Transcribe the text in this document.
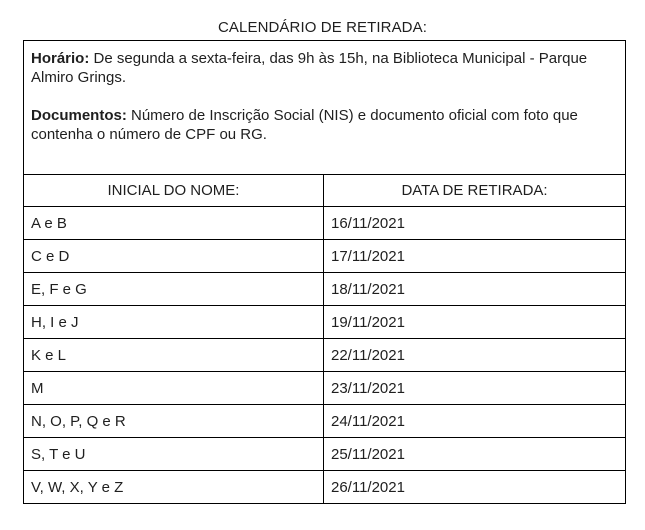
CALENDÁRIO DE RETIRADA:

Horário: De segunda a sexta-feira, das 9h às 15h, na Biblioteca Municipal - Parque Almiro Grings.

Documentos: Número de Inscrição Social (NIS) e documento oficial com foto que contenha o número de CPF ou RG.	

INICIAL DO NOME:	DATA DE RETIRADA:
A e B	16/11/2021
C e D	17/11/2021
E, F e G	18/11/2021
H, I e J	19/11/2021
K e L	22/11/2021
M	23/11/2021
N, O, P, Q e R	24/11/2021
S, T e U	25/11/2021
V, W, X, Y e Z	26/11/2021
